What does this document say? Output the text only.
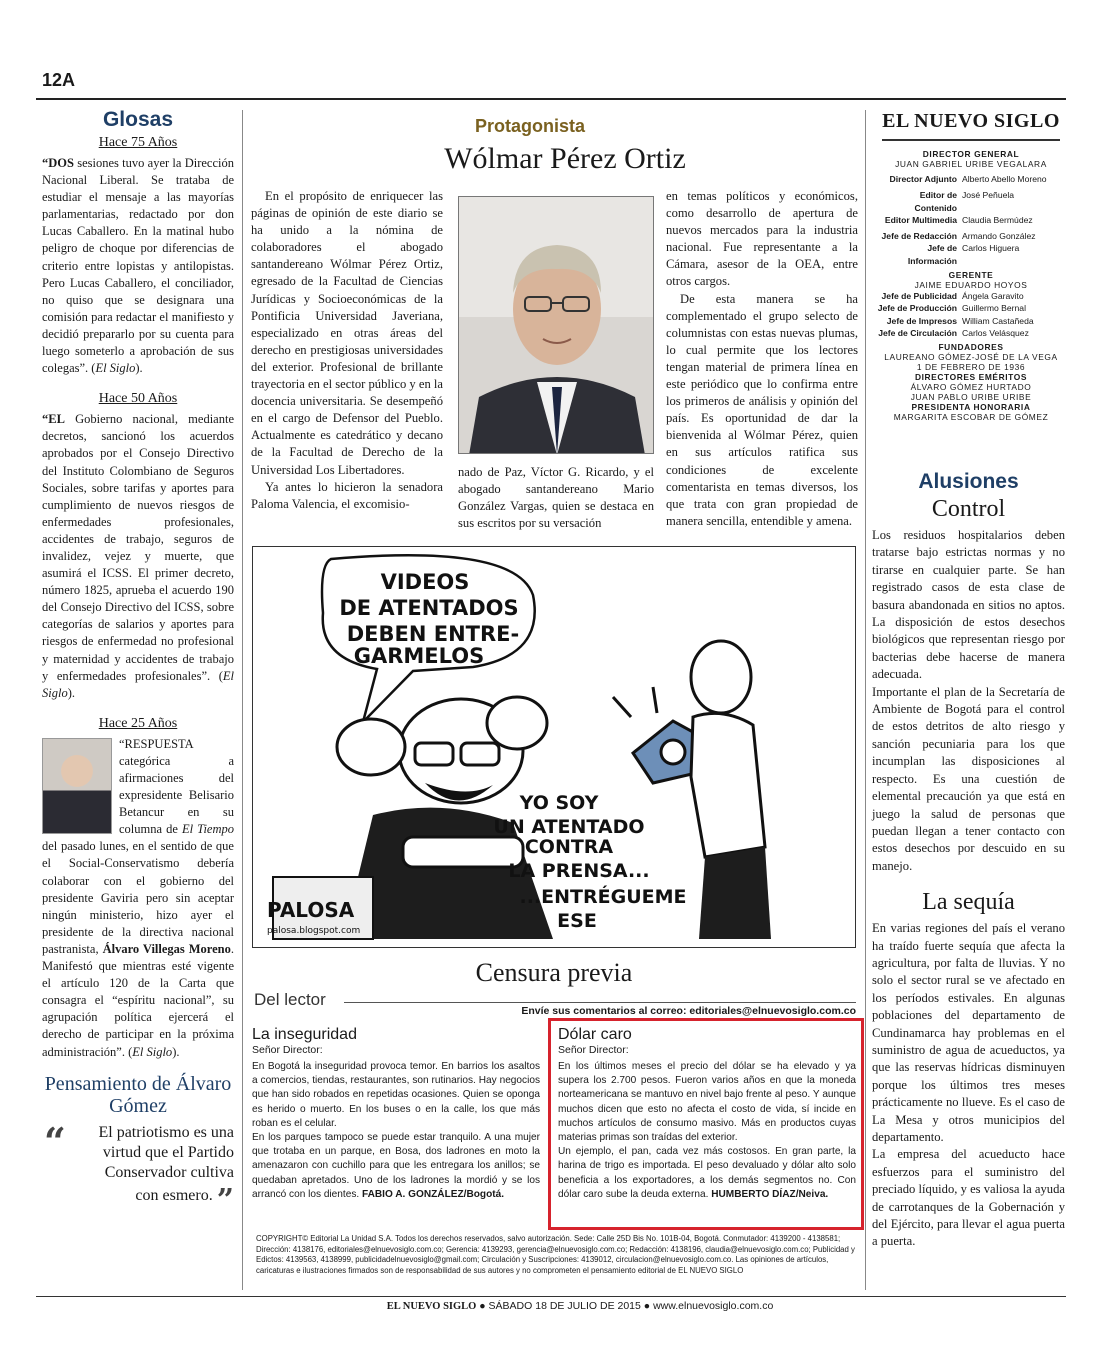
12A
Glosas
Hace 75 Años

“DOS sesiones tuvo ayer la Dirección Nacional Liberal. Se trataba de estudiar el mensaje a las mayorías parlamentarias, redactado por don Lucas Caballero. En la matinal hubo peligro de choque por diferencias de criterio entre lopistas y antilopistas. Pero Lucas Caballero, el conciliador, no quiso que se designara una comisión para redactar el manifiesto y decidió prepararlo por su cuenta para luego someterlo a aprobación de sus colegas”. (El Siglo).

Hace 50 Años

“EL Gobierno nacional, mediante decretos, sancionó los acuerdos aprobados por el Consejo Directivo del Instituto Colombiano de Seguros Sociales, sobre tarifas y aportes para cumplimiento de nuevos riesgos de enfermedades profesionales, accidentes de trabajo, seguros de invalidez, vejez y muerte, que asumirá el ICSS. El primer decreto, número 1825, aprueba el acuerdo 190 del Consejo Directivo del ICSS, sobre categorías de salarios y aportes para riesgos de enfermedad no profesional y maternidad y accidentes de trabajo y enfermedades profesionales”. (El Siglo).

Hace 25 Años

“RESPUESTA categórica a afirmaciones del expresidente Belisario Betancur en su columna de El Tiempo del pasado lunes, en el sentido de que el Social-Conservatismo debería colaborar con el gobierno del presidente Gaviria pero sin aceptar ningún ministerio, hizo ayer el presidente de la directiva nacional pastranista, Álvaro Villegas Moreno. Manifestó que mientras esté vigente el artículo 120 de la Carta que consagra el “espíritu nacional”, su agrupación política ejercerá el derecho de participar en la próxima administración”. (El Siglo).

Pensamiento de Álvaro Gómez
“ El patriotismo es una virtud que el Partido Conservador cultiva con esmero. ”
Protagonista
Wólmar Pérez Ortiz

En el propósito de enriquecer las páginas de opinión de este diario se ha unido a la nómina de colaboradores el abogado santandereano Wólmar Pérez Ortiz, egresado de la Facultad de Ciencias Jurídicas y Socioeconómicas de la Pontificia Universidad Javeriana, especializado en otras áreas del derecho en prestigiosas universidades del exterior. Profesional de brillante trayectoria en el sector público y en la docencia universitaria. Se desempeñó en el cargo de Defensor del Pueblo. Actualmente es catedrático y decano de la Facultad de Derecho de la Universidad Los Libertadores.

Ya antes lo hicieron la senadora Paloma Valencia, el excomisio-

nado de Paz, Víctor G. Ricardo, y el abogado santandereano Mario González Vargas, quien se destaca en sus escritos por su versación

en temas políticos y económicos, como desarrollo de apertura de nuevos mercados para la industria nacional. Fue representante a la Cámara, asesor de la OEA, entre otros cargos.

De esta manera se ha complementado el grupo selecto de columnistas con estas nuevas plumas, lo cual permite que los lectores tengan material de primera línea en este periódico que lo confirma entre los primeros de análisis y opinión del país. Es oportunidad de dar la bienvenida al Wólmar Pérez, quien en sus artículos ratifica sus condiciones de excelente comentarista en temas diversos, los que trata con gran propiedad de manera sencilla, entendible y amena.

EL NUEVO SIGLO
DIRECTOR GENERAL
JUAN GABRIEL URIBE VEGALARA
Director Adjunto Alberto Abello Moreno
Editor de Contenido
José Peñuela
Editor Multimedia Claudia Bermúdez
Jefe de Redacción Armando González
Jefe de Información
Carlos Higuera
GERENTE
JAIME EDUARDO HOYOS
Jefe de Publicidad Ángela Garavito
Jefe de Producción Guillermo Bernal
Jefe de Impresos William Castañeda
Jefe de Circulación Carlos Velásquez
FUNDADORES
LAUREANO GÓMEZ-JOSÉ DE LA VEGA
1 DE FEBRERO DE 1936
DIRECTORES EMÉRITOS
ÁLVARO GÓMEZ HURTADO
JUAN PABLO URIBE URIBE
PRESIDENTA HONORARIA
MARGARITA ESCOBAR DE GÓMEZ
Alusiones
Control

Los residuos hospitalarios deben tratarse bajo estrictas normas y no tirarse en cualquier parte. Se han registrado casos de esta clase de basura abandonada en sitios no aptos. La disposición de estos desechos biológicos que representan riesgo por bacterias debe hacerse de manera adecuada.

Importante el plan de la Secretaría de Ambiente de Bogotá para el control de estos detritos de alto riesgo y sanción pecuniaria para los que incumplan las disposiciones al respecto. Es una cuestión de elemental precaución ya que está en juego la salud de personas que puedan llegan a tener contacto con estos desechos por descuido en su manejo.

La sequía

En varias regiones del país el verano ha traído fuerte sequía que afecta la agricultura, por falta de lluvias. Y no solo el sector rural se ve afectado en los períodos estivales. En algunas poblaciones del departamento de Cundinamarca hay problemas en el suministro de agua de acueductos, ya que las reservas hídricas disminuyen porque los últimos tres meses prácticamente no llueve. Es el caso de La Mesa y otros municipios del departamento.

La empresa del acueducto hace esfuerzos para el suministro del preciado líquido, y es valiosa la ayuda de carrotanques de la Gobernación y del Ejército, para llevar el agua puerta a puerta.

VIDEOS
DE ATENTADOS
DEBEN ENTRE-
GARMELOS
YO SOY
UN ATENTADO
CONTRA
LA PRENSA...
...ENTRÉGUEME
ESE
PALOSA
palosa.blogspot.com
Censura previa
Del lector
Envíe sus comentarios al correo: editoriales@elnuevosiglo.com.co
La inseguridad
Señor Director:

En Bogotá la inseguridad provoca temor. En barrios los asaltos a comercios, tiendas, restaurantes, son rutinarios. Hay negocios que han sido robados en repetidas ocasiones. Quien se oponga es herido o muerto. En los buses o en la calle, los que más roban es el celular.

En los parques tampoco se puede estar tranquilo. A una mujer que trotaba en un parque, en Bosa, dos ladrones en moto la amenazaron con cuchillo para que les entregara los anillos; se quedaban apretados. Uno de los ladrones la mordió y se los arrancó con los dientes. FABIO A. GONZÁLEZ/Bogotá.

Dólar caro
Señor Director:

En los últimos meses el precio del dólar se ha elevado y ya supera los 2.700 pesos. Fueron varios años en que la moneda norteamericana se mantuvo en nivel bajo frente al peso. Y aunque muchos dicen que esto no afecta el costo de vida, sí incide en muchos artículos de consumo masivo. Más en productos cuyas materias primas son traídas del exterior.

Un ejemplo, el pan, cada vez más costosos. En gran parte, la harina de trigo es importada. El peso devaluado y dólar alto solo beneficia a los exportadores, a los demás segmentos no. Con dólar caro sube la deuda externa. HUMBERTO DÍAZ/Neiva.

COPYRIGHT© Editorial La Unidad S.A. Todos los derechos reservados, salvo autorización. Sede: Calle 25D Bis No. 101B-04, Bogotá. Conmutador: 4139200 - 4138581; Dirección: 4138176, editoriales@elnuevosiglo.com.co; Gerencia: 4139293, gerencia@elnuevosiglo.com.co; Redacción: 4138196, claudia@elnuevosiglo.com.co; Publicidad y Edictos: 4139563, 4138999, publicidadelnuevosiglo@gmail.com; Circulación y Suscripciones: 4139012, circulacion@elnuevosiglo.com.co. Las opiniones de artículos, caricaturas e ilustraciones firmados son de responsabilidad de sus autores y no comprometen el pensamiento editorial de EL NUEVO SIGLO
EL NUEVO SIGLO ● SÁBADO 18 DE JULIO DE 2015 ● www.elnuevosiglo.com.co
